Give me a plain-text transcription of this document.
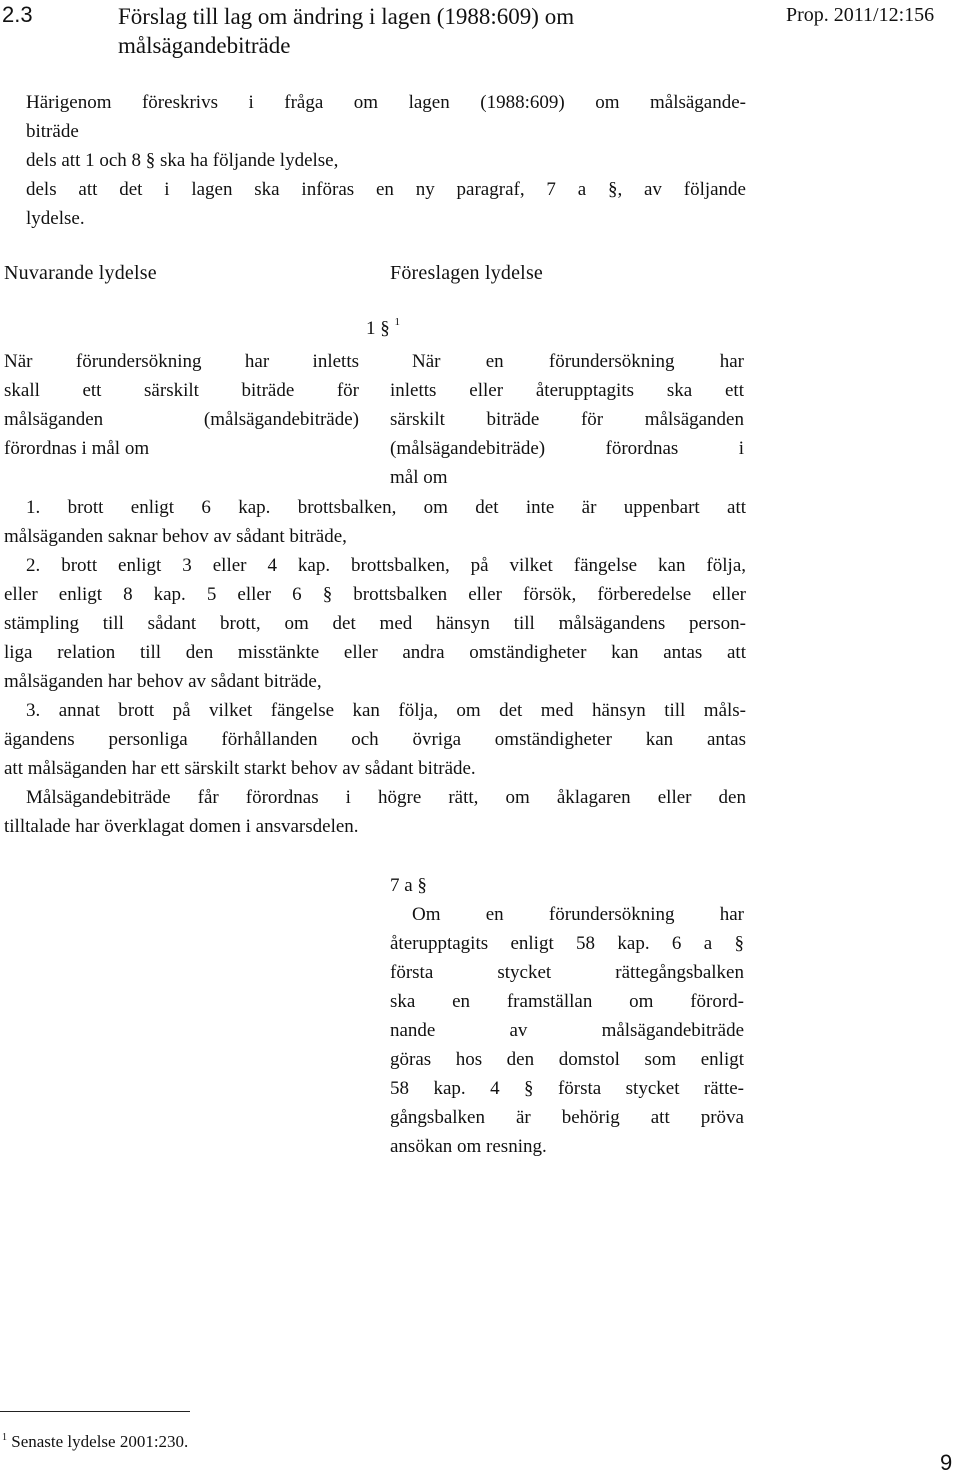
2.3	Förslag till lag om ändring i lagen (1988:609) om
målsägandebiträde
Prop. 2011/12:156
Härigenom föreskrivs i fråga om lagen (1988:609) om målsägande-
biträde
dels att 1 och 8 § ska ha följande lydelse,
dels att det i lagen ska införas en ny paragraf, 7 a §, av följande
lydelse.
Nuvarande lydelse	Föreslagen lydelse
1 § $^1$
När förundersökning har inletts
skall ett särskilt biträde för
målsäganden (målsägandebiträde)
förordnas i mål om
När en förundersökning har
inletts eller återupptagits ska ett
särskilt biträde för målsäganden
(målsägandebiträde) förordnas i
mål om
1. brott enligt 6 kap. brottsbalken, om det inte är uppenbart att
målsäganden saknar behov av sådant biträde,
2. brott enligt 3 eller 4 kap. brottsbalken, på vilket fängelse kan följa,
eller enligt 8 kap. 5 eller 6 § brottsbalken eller försök, förberedelse eller
stämpling till sådant brott, om det med hänsyn till målsägandens person-
liga relation till den misstänkte eller andra omständigheter kan antas att
målsäganden har behov av sådant biträde,
3. annat brott på vilket fängelse kan följa, om det med hänsyn till måls-
ägandens personliga förhållanden och övriga omständigheter kan antas
att målsäganden har ett särskilt starkt behov av sådant biträde.
Målsägandebiträde får förordnas i högre rätt, om åklagaren eller den
tilltalade har överklagat domen i ansvarsdelen.
7 a §
Om en förundersökning har
återupptagits enligt 58 kap. 6 a §
första stycket rättegångsbalken
ska en framställan om förord-
nande av målsägandebiträde
göras hos den domstol som enligt
58 kap. 4 § första stycket rätte-
gångsbalken är behörig att pröva
ansökan om resning.
$^1$ Senaste lydelse 2001:230.
9
